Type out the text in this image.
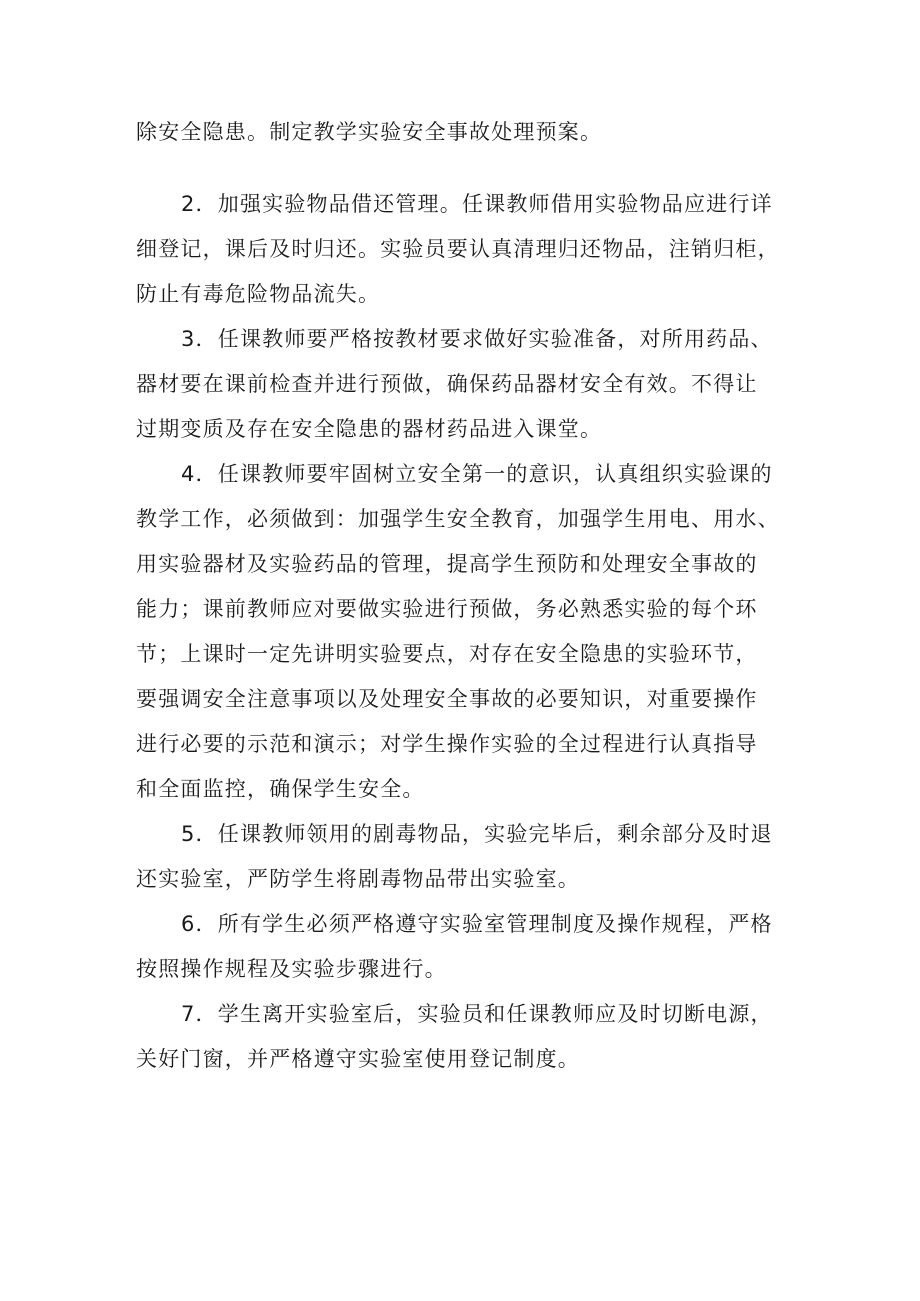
除安全隐患。制定教学实验安全事故处理预案。
2．加强实验物品借还管理。任课教师借用实验物品应进行详
细登记，课后及时归还。实验员要认真清理归还物品，注销归柜，
防止有毒危险物品流失。
3．任课教师要严格按教材要求做好实验准备，对所用药品、
器材要在课前检查并进行预做，确保药品器材安全有效。不得让
过期变质及存在安全隐患的器材药品进入课堂。
4．任课教师要牢固树立安全第一的意识，认真组织实验课的
教学工作，必须做到：加强学生安全教育，加强学生用电、用水、
用实验器材及实验药品的管理，提高学生预防和处理安全事故的
能力；课前教师应对要做实验进行预做，务必熟悉实验的每个环
节；上课时一定先讲明实验要点，对存在安全隐患的实验环节，
要强调安全注意事项以及处理安全事故的必要知识，对重要操作
进行必要的示范和演示；对学生操作实验的全过程进行认真指导
和全面监控，确保学生安全。
5．任课教师领用的剧毒物品，实验完毕后，剩余部分及时退
还实验室，严防学生将剧毒物品带出实验室。
6．所有学生必须严格遵守实验室管理制度及操作规程，严格
按照操作规程及实验步骤进行。
7．学生离开实验室后，实验员和任课教师应及时切断电源，
关好门窗，并严格遵守实验室使用登记制度。
